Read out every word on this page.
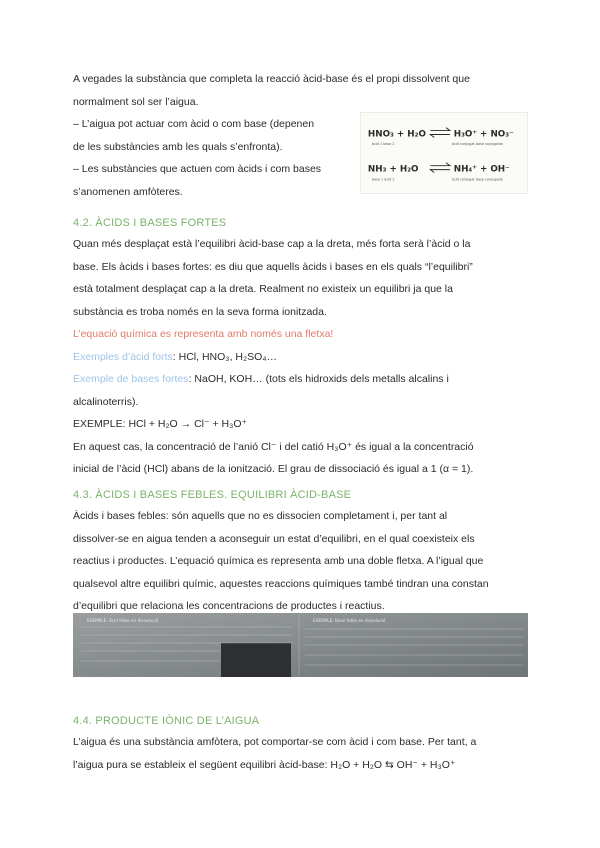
A vegades la substància que completa la reacció àcid-base és el propi dissolvent que
normalment sol ser l’aigua.
– L’aigua pot actuar com àcid o com base (depenen
de les substàncies amb les quals s’enfronta).
– Les substàncies que actuen com àcids i com bases
s’anomenen amfòteres.
HNO₃ + H₂O	H₃O⁺ + NO₃⁻
NH₃ + H₂O	NH₄⁺ + OH⁻
àcid 1 base 2	àcid conjugat base conjugada
base 1 àcid 2	àcid conjugat base conjugada
4.2. ÀCIDS I BASES FORTES
Quan més desplaçat està l’equilibri àcid-base cap a la dreta, més forta serà l’àcid o la
base. Els àcids i bases fortes: es diu que aquells àcids i bases en els quals “l’equilibri”
està totalment desplaçat cap a la dreta. Realment no existeix un equilibri ja que la
substància es troba només en la seva forma ionitzada.
L’equació química es representa amb només una fletxa!
Exemples d’àcid forts: HCl, HNO₃, H₂SO₄…
Exemple de bases fortes: NaOH, KOH… (tots els hidroxids dels metalls alcalins i
alcalinoterris).
EXEMPLE: HCl + H₂O → Cl⁻ + H₃O⁺
En aquest cas, la concentració de l’anió Cl⁻ i del catió H₃O⁺ és igual a la concentració
inicial de l’àcid (HCl) abans de la ionització. El grau de dissociació és igual a 1 (α = 1).
4.3. ÀCIDS I BASES FEBLES. EQUILIBRI ÀCID-BASE
Àcids i bases febles: són aquells que no es dissocien completament i, per tant al
dissolver-se en aigua tenden a aconseguir un estat d’equilibri, en el qual coexisteix els
reactius i productes. L’equació química es representa amb una doble fletxa. A l’igual que
qualsevol altre equilibri químic, aquestes reaccions químiques també tindran una constan
d’equilibri que relaciona les concentracions de productes i reactius.
EXEMPLE: Àcid feble en dissolució	EXEMPLE: Base feble en dissolució
4.4. PRODUCTE IÒNIC DE L’AIGUA
L’aigua és una substància amfòtera, pot comportar-se com àcid i com base. Per tant, a
l’aigua pura se estableix el següent equilibri àcid-base: H₂O + H₂O ⇆ OH⁻ + H₃O⁺
